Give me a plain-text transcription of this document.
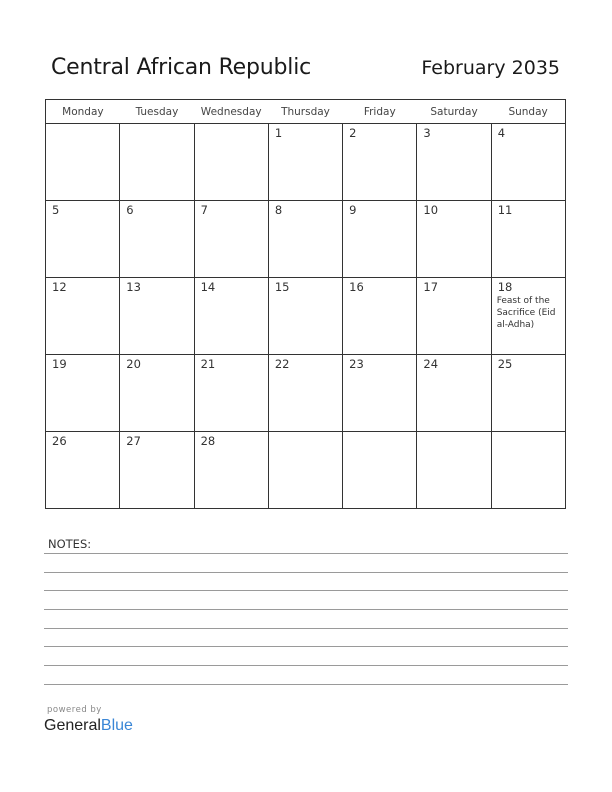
Central African Republic	February 2035
Monday	Tuesday	Wednesday	Thursday	Friday	Saturday	Sunday

			1	2	3	4

5	6	7	8	9	10	11

12	13	14	15	16	17	18
Feast of the Sacrifice (Eid al-Adha)

19	20	21	22	23	24	25

26	27	28				

NOTES:
powered by
GeneralBlue
